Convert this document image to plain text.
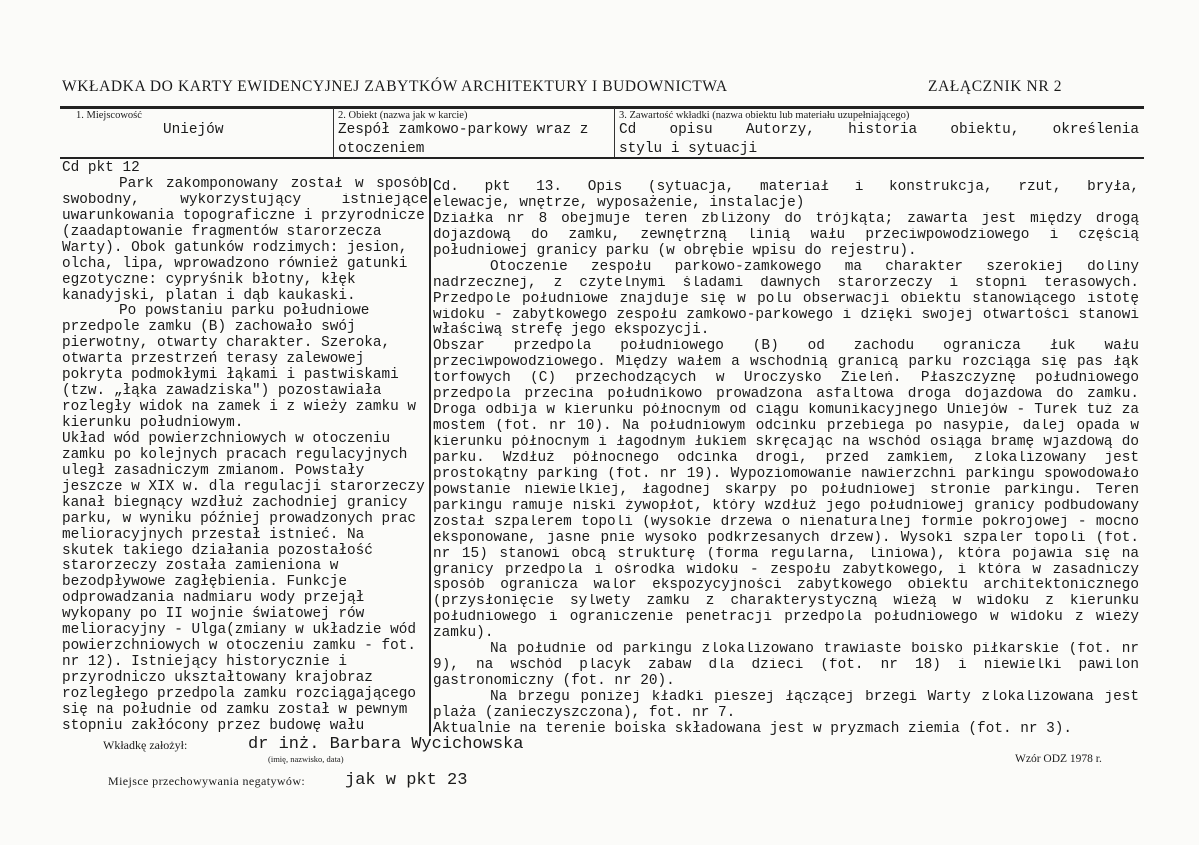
WKŁADKA DO KARTY EWIDENCYJNEJ ZABYTKÓW ARCHITEKTURY I BUDOWNICTWA	ZAŁĄCZNIK NR 2
1. Miejscowość
Uniejów
2. Obiekt (nazwa jak w karcie)
Zespół zamkowo-parkowy wraz z
otoczeniem
3. Zawartość wkładki (nazwa obiektu lub materiału uzupełniającego)
Cd opisu Autorzy, historia obiektu, określenia
stylu i sytuacji
Cd pkt 12
Park zakomponowany został w sposób
swobodny, wykorzystujący istniejące
uwarunkowania topograficzne i przyrodnicze
(zaadaptowanie fragmentów starorzecza
Warty). Obok gatunków rodzimych: jesion,
olcha, lipa, wprowadzono również gatunki
egzotyczne: cypryśnik błotny, kłęk
kanadyjski, platan i dąb kaukaski.
Po powstaniu parku południowe
przedpole zamku (B) zachowało swój
pierwotny, otwarty charakter. Szeroka,
otwarta przestrzeń terasy zalewowej
pokryta podmokłymi łąkami i pastwiskami
(tzw. „łąka zawadziska") pozostawiała
rozległy widok na zamek i z wieży zamku w
kierunku południowym.
Układ wód powierzchniowych w otoczeniu
zamku po kolejnych pracach regulacyjnych
uległ zasadniczym zmianom. Powstały
jeszcze w XIX w. dla regulacji starorzeczy
kanał biegnący wzdłuż zachodniej granicy
parku, w wyniku później prowadzonych prac
melioracyjnych przestał istnieć. Na
skutek takiego działania pozostałość
starorzeczy została zamieniona w
bezodpływowe zagłębienia. Funkcje
odprowadzania nadmiaru wody przejął
wykopany po II wojnie światowej rów
melioracyjny - Ulga(zmiany w układzie wód
powierzchniowych w otoczeniu zamku - fot.
nr 12). Istniejący historycznie i
przyrodniczo ukształtowany krajobraz
rozległego przedpola zamku rozciągającego
się na południe od zamku został w pewnym
stopniu zakłócony przez budowę wału
Cd. pkt 13. Opis (sytuacja, materiał i konstrukcja, rzut, bryła,
elewacje, wnętrze, wyposażenie, instalacje)
Działka nr 8 obejmuje teren zbliżony do trójkąta; zawarta jest między drogą
dojazdową do zamku, zewnętrzną linią wału przeciwpowodziowego i częścią
południowej granicy parku (w obrębie wpisu do rejestru).
Otoczenie zespołu parkowo-zamkowego ma charakter szerokiej doliny
nadrzecznej, z czytelnymi śladami dawnych starorzeczy i stopni terasowych.
Przedpole południowe znajduje się w polu obserwacji obiektu stanowiącego istotę
widoku - zabytkowego zespołu zamkowo-parkowego i dzięki swojej otwartości stanowi
właściwą strefę jego ekspozycji.
Obszar przedpola południowego (B) od zachodu ogranicza łuk wału
przeciwpowodziowego. Między wałem a wschodnią granicą parku rozciąga się pas łąk
torfowych (C) przechodzących w Uroczysko Zieleń. Płaszczyznę południowego
przedpola przecina południkowo prowadzona asfaltowa droga dojazdowa do zamku.
Droga odbija w kierunku północnym od ciągu komunikacyjnego Uniejów - Turek tuż za
mostem (fot. nr 10). Na południowym odcinku przebiega po nasypie, dalej opada w
kierunku północnym i łagodnym łukiem skręcając na wschód osiąga bramę wjazdową do
parku. Wzdłuż północnego odcinka drogi, przed zamkiem, zlokalizowany jest
prostokątny parking (fot. nr 19). Wypoziomowanie nawierzchni parkingu spowodowało
powstanie niewielkiej, łagodnej skarpy po południowej stronie parkingu. Teren
parkingu ramuje niski żywopłot, który wzdłuż jego południowej granicy podbudowany
został szpalerem topoli (wysokie drzewa o nienaturalnej formie pokrojowej - mocno
eksponowane, jasne pnie wysoko podkrzesanych drzew). Wysoki szpaler topoli (fot.
nr 15) stanowi obcą strukturę (forma regularna, liniowa), która pojawia się na
granicy przedpola i ośrodka widoku - zespołu zabytkowego, i która w zasadniczy
sposób ogranicza walor ekspozycyjności zabytkowego obiektu architektonicznego
(przysłonięcie sylwety zamku z charakterystyczną wieżą w widoku z kierunku
południowego i ograniczenie penetracji przedpola południowego w widoku z wieży
zamku).
Na południe od parkingu zlokalizowano trawiaste boisko piłkarskie (fot. nr
9), na wschód placyk zabaw dla dzieci (fot. nr 18) i niewielki pawilon
gastronomiczny (fot. nr 20).
Na brzegu poniżej kładki pieszej łączącej brzegi Warty zlokalizowana jest
plaża (zanieczyszczona), fot. nr 7.
Aktualnie na terenie boiska składowana jest w pryzmach ziemia (fot. nr 3).
Wkładkę założył:	dr inż. Barbara Wycichowska
(imię, nazwisko, data)
Miejsce przechowywania negatywów: jak w pkt 23
Wzór ODZ 1978 r.
